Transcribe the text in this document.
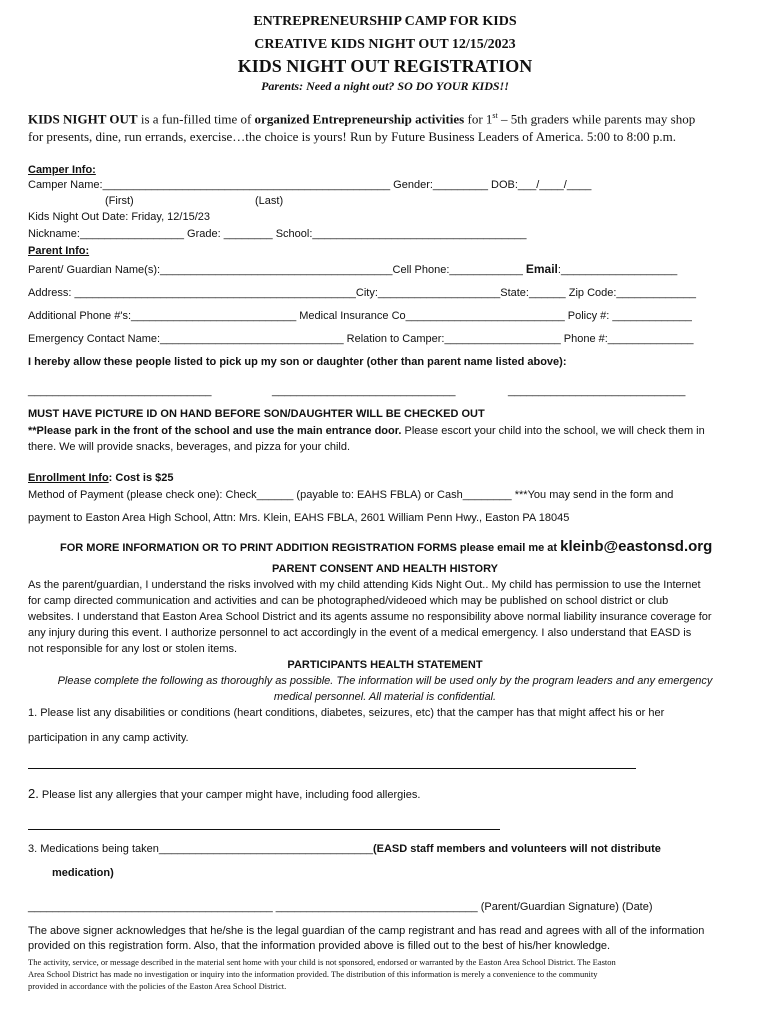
ENTREPRENEURSHIP CAMP FOR KIDS
CREATIVE KIDS NIGHT OUT 12/15/2023
KIDS NIGHT OUT REGISTRATION
Parents: Need a night out? SO DO YOUR KIDS!!
KIDS NIGHT OUT is a fun-filled time of organized Entrepreneurship activities for 1st – 5th graders while parents may shop
for presents, dine, run errands, exercise…the choice is yours! Run by Future Business Leaders of America. 5:00 to 8:00 p.m.
Camper Info:
Camper Name:_______________________________________________ Gender:_________ DOB:___/____/____
(First)	(Last)
Kids Night Out Date: Friday, 12/15/23
Nickname:_________________ Grade: ________ School:___________________________________
Parent Info:
Parent/ Guardian Name(s):______________________________________Cell Phone:____________ Email:___________________
Address: ______________________________________________City:____________________State:______ Zip Code:_____________
Additional Phone #'s:___________________________ Medical Insurance Co__________________________ Policy #: _____________
Emergency Contact Name:______________________________ Relation to Camper:___________________ Phone #:______________
I hereby allow these people listed to pick up my son or daughter (other than parent name listed above):
______________________________	______________________________	_____________________________
MUST HAVE PICTURE ID ON HAND BEFORE SON/DAUGHTER WILL BE CHECKED OUT
**Please park in the front of the school and use the main entrance door. Please escort your child into the school, we will check them in
there. We will provide snacks, beverages, and pizza for your child.
Enrollment Info: Cost is $25
Method of Payment (please check one): Check______ (payable to: EAHS FBLA) or Cash________ ***You may send in the form and
payment to Easton Area High School, Attn: Mrs. Klein, EAHS FBLA, 2601 William Penn Hwy., Easton PA 18045
FOR MORE INFORMATION OR TO PRINT ADDITION REGISTRATION FORMS please email me at kleinb@eastonsd.org
PARENT CONSENT AND HEALTH HISTORY
As the parent/guardian, I understand the risks involved with my child attending Kids Night Out.. My child has permission to use the Internet
for camp directed communication and activities and can be photographed/videoed which may be published on school district or club
websites. I understand that Easton Area School District and its agents assume no responsibility above normal liability insurance coverage for
any injury during this event. I authorize personnel to act accordingly in the event of a medical emergency. I also understand that EASD is
not responsible for any lost or stolen items.
PARTICIPANTS HEALTH STATEMENT
Please complete the following as thoroughly as possible. The information will be used only by the program leaders and any emergency
medical personnel. All material is confidential.
1. Please list any disabilities or conditions (heart conditions, diabetes, seizures, etc) that the camper has that might affect his or her
participation in any camp activity.
2. Please list any allergies that your camper might have, including food allergies.
3. Medications being taken___________________________________(EASD staff members and volunteers will not distribute
medication)
________________________________________ _________________________________ (Parent/Guardian Signature) (Date)
The above signer acknowledges that he/she is the legal guardian of the camp registrant and has read and agrees with all of the information
provided on this registration form. Also, that the information provided above is filled out to the best of his/her knowledge.
The activity, service, or message described in the material sent home with your child is not sponsored, endorsed or warranted by the Easton Area School District. The Easton
Area School District has made no investigation or inquiry into the information provided. The distribution of this information is merely a convenience to the community
provided in accordance with the policies of the Easton Area School District.
